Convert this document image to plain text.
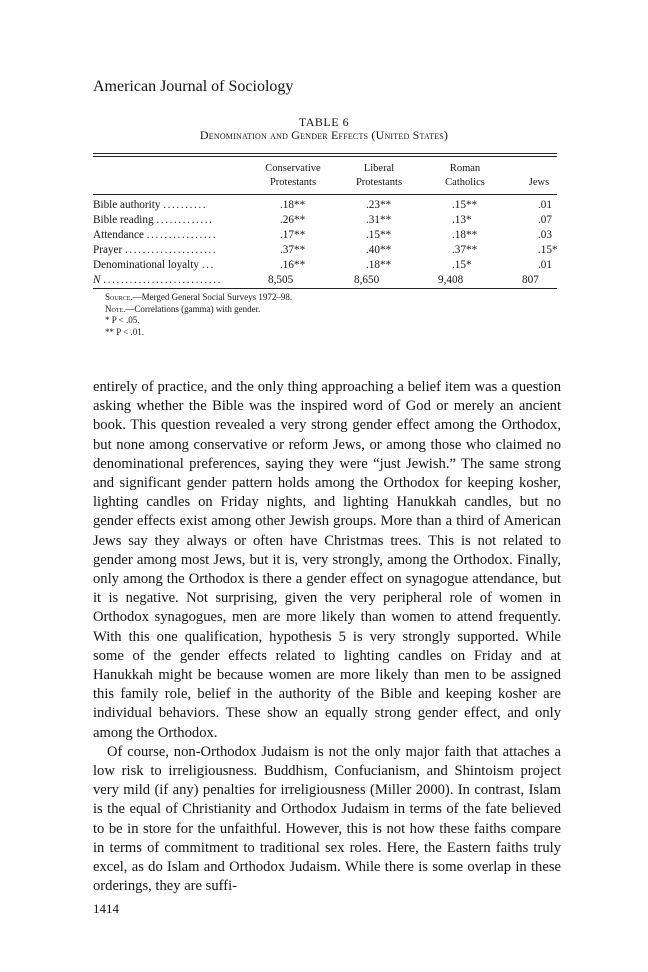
American Journal of Sociology
TABLE 6
Denomination and Gender Effects (United States)
Conservative
Protestants
Liberal
Protestants
Roman
Catholics
	Jews
Bible authority ..........	.18**	.23**	.15**	.01
Bible reading .............	.26**	.31**	.13*	.07
Attendance ................	.17**	.15**	.18**	.03
Prayer .....................	.37**	.40**	.37**	.15*
Denominational loyalty ...	.16**	.18**	.15*	.01
N ...........................	8,505	8,650	9,408	807
Source.—Merged General Social Surveys 1972–98.
Note.—Correlations (gamma) with gender.
* P < .05.
** P < .01.

entirely of practice, and the only thing approaching a belief item was a question asking whether the Bible was the inspired word of God or merely an ancient book. This question revealed a very strong gender effect among the Orthodox, but none among conservative or reform Jews, or among those who claimed no denominational preferences, saying they were “just Jewish.” The same strong and significant gender pattern holds among the Orthodox for keeping kosher, lighting candles on Friday nights, and lighting Hanukkah candles, but no gender effects exist among other Jewish groups. More than a third of American Jews say they always or often have Christmas trees. This is not related to gender among most Jews, but it is, very strongly, among the Orthodox. Finally, only among the Orthodox is there a gender effect on synagogue attendance, but it is negative. Not surprising, given the very peripheral role of women in Orthodox synagogues, men are more likely than women to attend frequently. With this one qualification, hypothesis 5 is very strongly supported. While some of the gender effects related to lighting candles on Friday and at Hanukkah might be because women are more likely than men to be assigned this family role, belief in the authority of the Bible and keeping kosher are individual behaviors. These show an equally strong gender effect, and only among the Orthodox.

Of course, non-Orthodox Judaism is not the only major faith that attaches a low risk to irreligiousness. Buddhism, Confucianism, and Shintoism project very mild (if any) penalties for irreligiousness (Miller 2000). In contrast, Islam is the equal of Christianity and Orthodox Judaism in terms of the fate believed to be in store for the unfaithful. However, this is not how these faiths compare in terms of commitment to traditional sex roles. Here, the Eastern faiths truly excel, as do Islam and Orthodox Judaism. While there is some overlap in these orderings, they are suffi-

1414
